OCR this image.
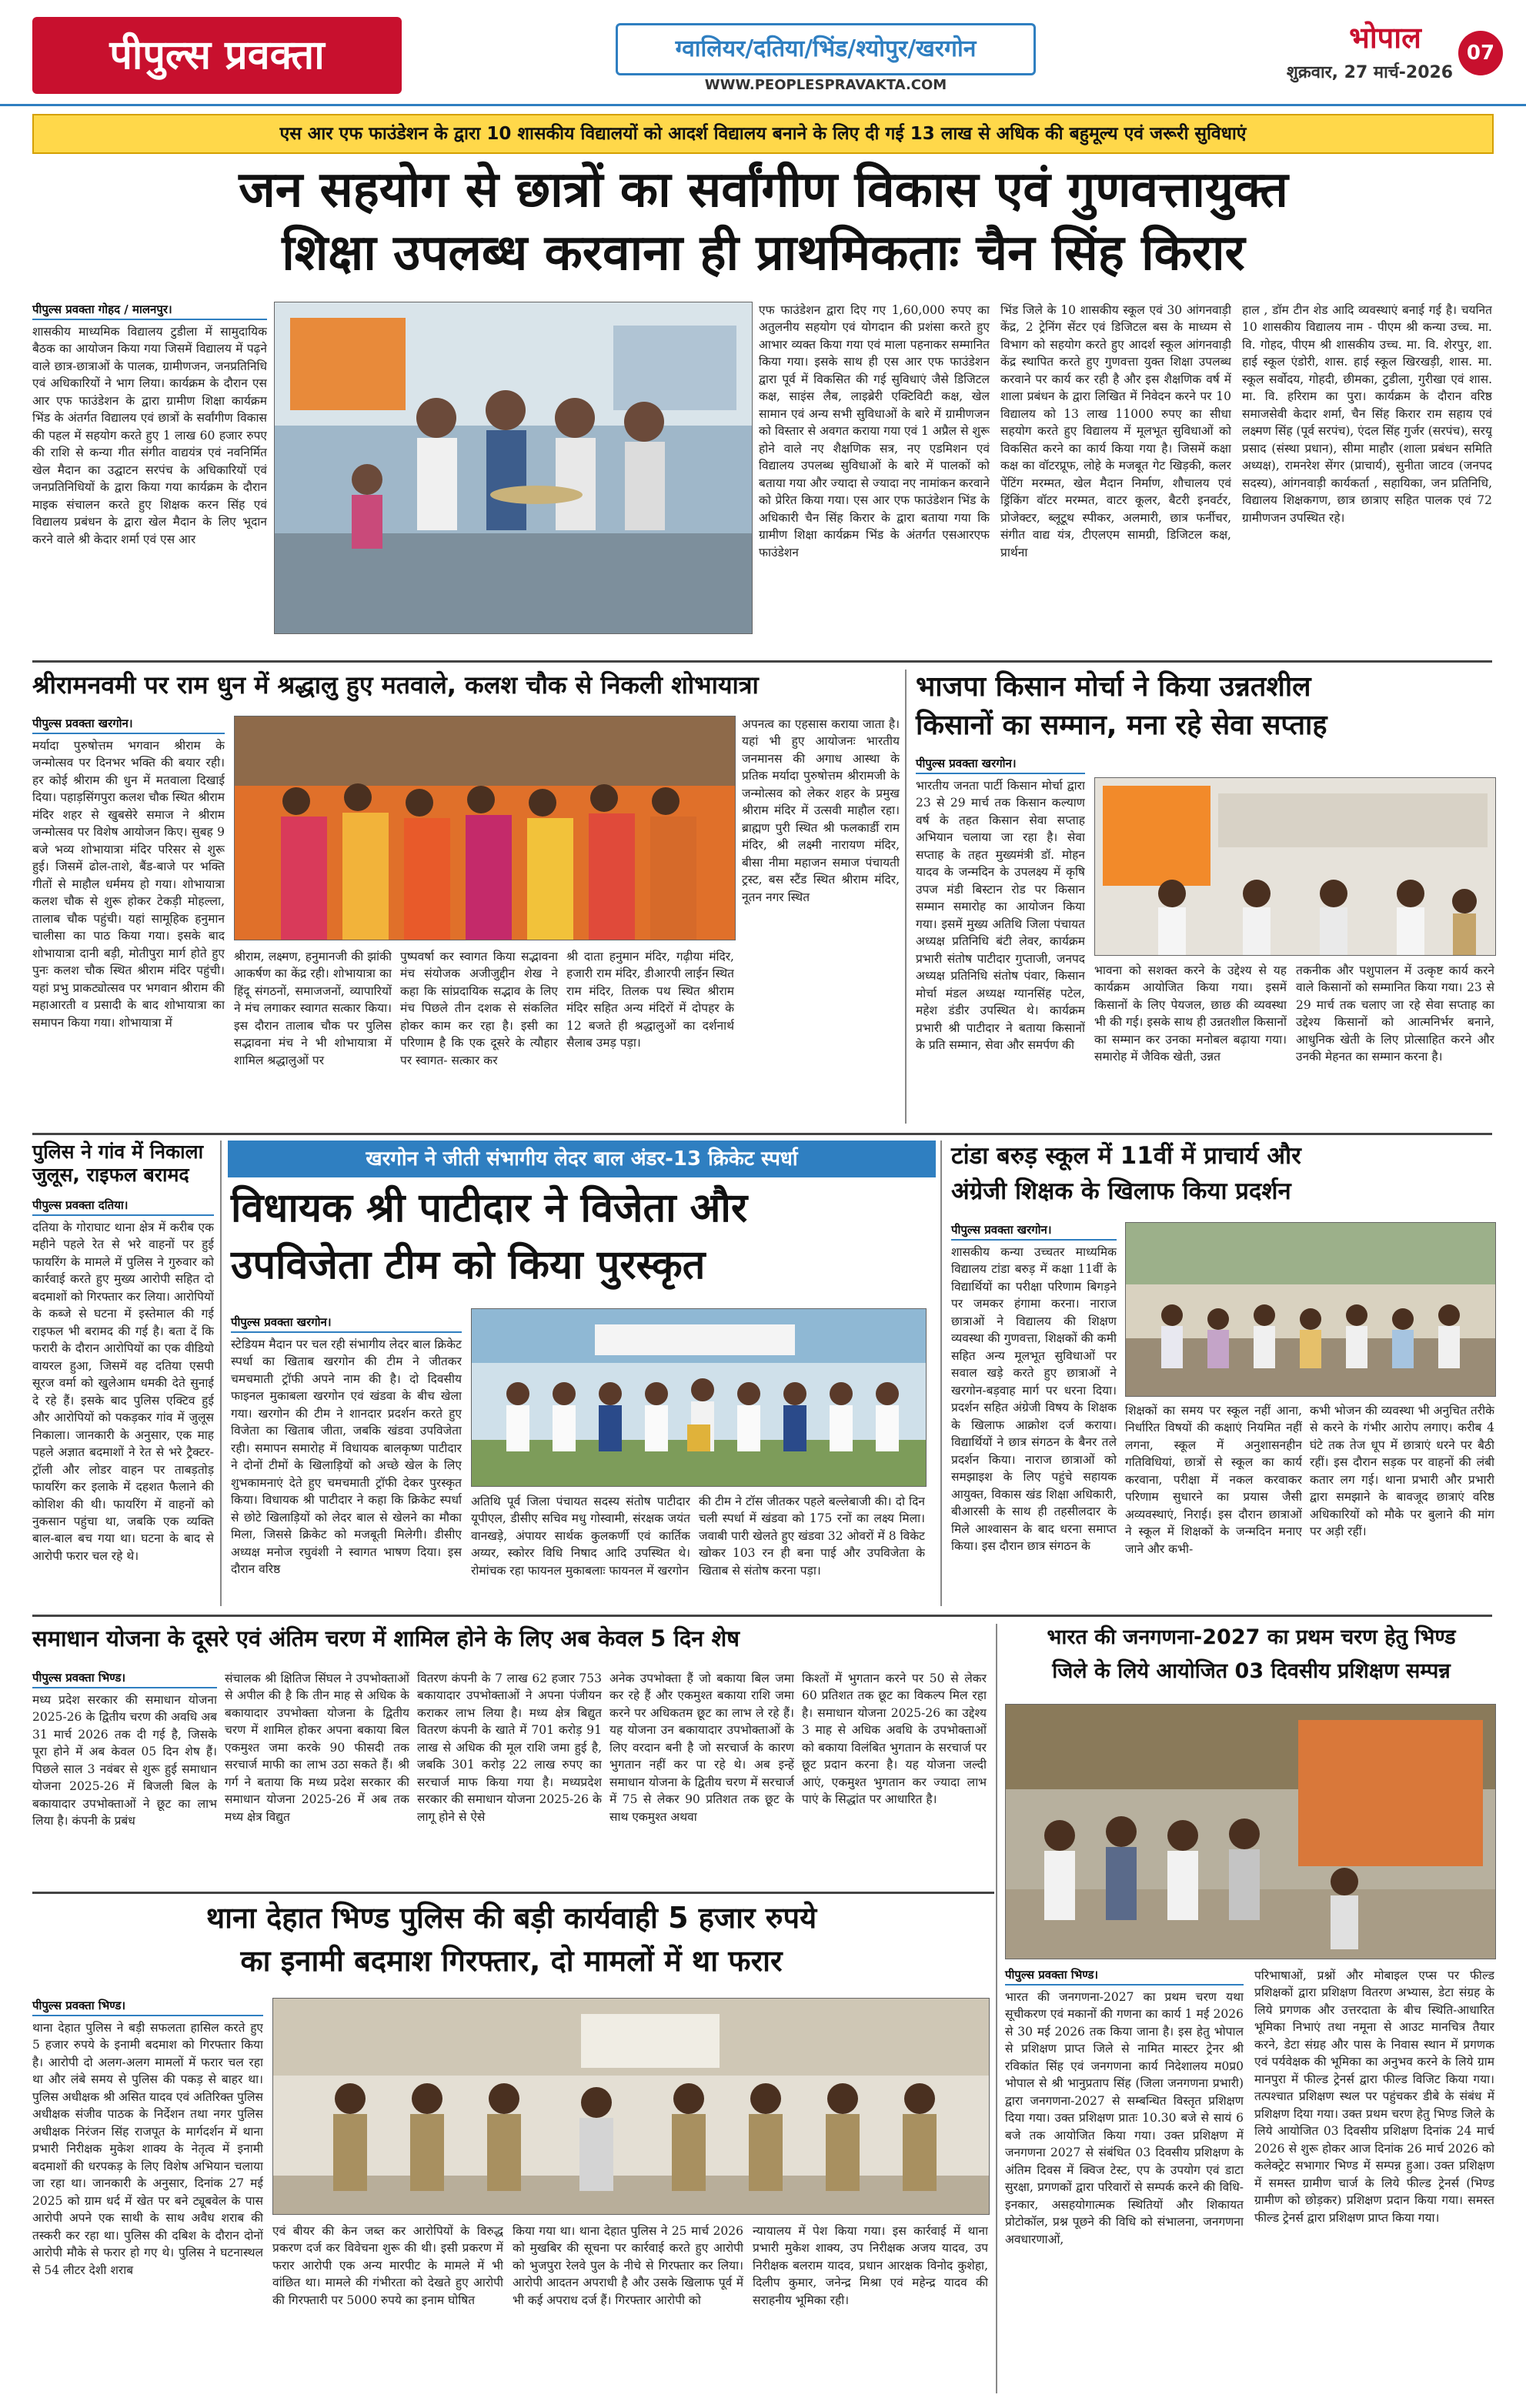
पीपुल्स प्रवक्ता	ग्वालियर/दतिया/भिंड/श्योपुर/खरगोन
WWW.PEOPLESPRAVAKTA.COM
भोपाल
शुक्रवार, 27 मार्च-2026
07
एस आर एफ फाउंडेशन के द्वारा 10 शासकीय विद्यालयों को आदर्श विद्यालय बनाने के लिए दी गई 13 लाख से अधिक की बहुमूल्य एवं जरूरी सुविधाएं
जन सहयोग से छात्रों का सर्वांगीण विकास एवं गुणवत्तायुक्त
शिक्षा उपलब्ध करवाना ही प्राथमिकताः चैन सिंह किरार
पीपुल्स प्रवक्ता गोहद / मालनपुर।
शासकीय माध्यमिक विद्यालय टुडीला में सामुदायिक बैठक का आयोजन किया गया जिसमें विद्यालय में पढ़ने वाले छात्र-छात्राओं के पालक, ग्रामीणजन, जनप्रतिनिधि एवं अधिकारियों ने भाग लिया। कार्यक्रम के दौरान एस आर एफ फाउंडेशन के द्वारा ग्रामीण शिक्षा कार्यक्रम भिंड के अंतर्गत विद्यालय एवं छात्रों के सर्वांगीण विकास की पहल में सहयोग करते हुए 1 लाख 60 हजार रुपए की राशि से कन्या गीत संगीत वाद्ययंत्र एवं नवनिर्मित खेल मैदान का उद्घाटन सरपंच के अधिकारियों एवं जनप्रतिनिधियों के द्वारा किया गया कार्यक्रम के दौरान माइक संचालन करते हुए शिक्षक करन सिंह एवं विद्यालय प्रबंधन के द्वारा खेल मैदान के लिए भूदान करने वाले श्री केदार शर्मा एवं एस आर
एफ फाउंडेशन द्वारा दिए गए 1,60,000 रुपए का अतुलनीय सहयोग एवं योगदान की प्रशंसा करते हुए आभार व्यक्त किया गया एवं माला पहनाकर सम्मानित किया गया। इसके साथ ही एस आर एफ फाउंडेशन द्वारा पूर्व में विकसित की गई सुविधाएं जैसे डिजिटल कक्ष, साइंस लैब, लाइब्रेरी एक्टिविटी कक्ष, खेल सामान एवं अन्य सभी सुविधाओं के बारे में ग्रामीणजन को विस्तार से अवगत कराया गया एवं 1 अप्रैल से शुरू होने वाले नए शैक्षणिक सत्र, नए एडमिशन एवं विद्यालय उपलब्ध सुविधाओं के बारे में पालकों को बताया गया और ज्यादा से ज्यादा नए नामांकन करवाने को प्रेरित किया गया। एस आर एफ फाउंडेशन भिंड के अधिकारी चैन सिंह किरार के द्वारा बताया गया कि ग्रामीण शिक्षा कार्यक्रम भिंड के अंतर्गत एसआरएफ फाउंडेशन
भिंड जिले के 10 शासकीय स्कूल एवं 30 आंगनवाड़ी केंद्र, 2 ट्रेनिंग सेंटर एवं डिजिटल बस के माध्यम से विभाग को सहयोग करते हुए आदर्श स्कूल आंगनवाड़ी केंद्र स्थापित करते हुए गुणवत्ता युक्त शिक्षा उपलब्ध करवाने पर कार्य कर रही है और इस शैक्षणिक वर्ष में शाला प्रबंधन के द्वारा लिखित में निवेदन करने पर 10 विद्यालय को 13 लाख 11000 रुपए का सीधा सहयोग करते हुए विद्यालय में मूलभूत सुविधाओं को विकसित करने का कार्य किया गया है। जिसमें कक्षा कक्ष का वॉटरप्रूफ, लोहे के मजबूत गेट खिड़की, कलर पेंटिंग मरम्मत, खेल मैदान निर्माण, शौचालय एवं ड्रिंकिंग वॉटर मरम्मत, वाटर कूलर, बैटरी इनवर्टर, प्रोजेक्टर, ब्लूटूथ स्पीकर, अलमारी, छात्र फर्नीचर, संगीत वाद्य यंत्र, टीएलएम सामग्री, डिजिटल कक्ष, प्रार्थना
हाल , डॉम टीन शेड आदि व्यवस्थाएं बनाई गई है। चयनित 10 शासकीय विद्यालय नाम - पीएम श्री कन्या उच्च. मा. वि. गोहद, पीएम श्री शासकीय उच्च. मा. वि. शेरपुर, शा. हाई स्कूल एंडोरी, शास. हाई स्कूल खिरखड़ी, शास. मा. स्कूल सर्वोदय, गोहदी, छीमका, टुडीला, गुरीखा एवं शास. मा. वि. हरिराम का पुरा। कार्यक्रम के दौरान वरिष्ठ समाजसेवी केदार शर्मा, चैन सिंह किरार राम सहाय एवं लक्ष्मण सिंह (पूर्व सरपंच), एंदल सिंह गुर्जर (सरपंच), सरयू प्रसाद (संस्था प्रधान), सीमा माहौर (शाला प्रबंधन समिति अध्यक्ष), रामनरेश सेंगर (प्राचार्य), सुनीता जाटव (जनपद सदस्य), आंगनवाड़ी कार्यकर्ता , सहायिका, जन प्रतिनिधि, विद्यालय शिक्षकगण, छात्र छात्राए सहित पालक एवं 72 ग्रामीणजन उपस्थित रहे।
श्रीरामनवमी पर राम धुन में श्रद्धालु हुए मतवाले, कलश चौक से निकली शोभायात्रा
पीपुल्स प्रवक्ता खरगोन।
मर्यादा पुरुषोत्तम भगवान श्रीराम के जन्मोत्सव पर दिनभर भक्ति की बयार रही। हर कोई श्रीराम की धुन में मतवाला दिखाई दिया। पहाड़सिंगपुरा कलश चौक स्थित श्रीराम मंदिर शहर से खुबसेरे समाज ने श्रीराम जन्मोत्सव पर विशेष आयोजन किए। सुबह 9 बजे भव्य शोभायात्रा मंदिर परिसर से शुरू हुई। जिसमें ढोल-ताशे, बैंड-बाजे पर भक्ति गीतों से माहौल धर्ममय हो गया। शोभायात्रा कलश चौक से शुरू होकर टेकड़ी मोहल्ला, तालाब चौक पहुंची। यहां सामूहिक हनुमान चालीसा का पाठ किया गया। इसके बाद शोभायात्रा दानी बड़ी, मोतीपुरा मार्ग होते हुए पुनः कलश चौक स्थित श्रीराम मंदिर पहुंची। यहां प्रभु प्राकट्योत्सव पर भगवान श्रीराम की महाआरती व प्रसादी के बाद शोभायात्रा का समापन किया गया। शोभायात्रा में
श्रीराम, लक्ष्मण, हनुमानजी की झांकी आकर्षण का केंद्र रही। शोभायात्रा का हिंदू संगठनों, समाजजनों, व्यापारियों ने मंच लगाकर स्वागत सत्कार किया। इस दौरान तालाब चौक पर पुलिस सद्भावना मंच ने भी शोभायात्रा में शामिल श्रद्धालुओं पर
पुष्पवर्षा कर स्वागत किया सद्भावना मंच संयोजक अजीजुद्दीन शेख ने कहा कि सांप्रदायिक सद्भाव के लिए मंच पिछले तीन दशक से संकलित होकर काम कर रहा है। इसी का परिणाम है कि एक दूसरे के त्यौहार पर स्वागत- सत्कार कर
श्री दाता हनुमान मंदिर, गढ़ीया मंदिर, हजारी राम मंदिर, डीआरपी लाईन स्थित राम मंदिर, तिलक पथ स्थित श्रीराम मंदिर सहित अन्य मंदिरों में दोपहर के 12 बजते ही श्रद्धालुओं का दर्शनार्थ सैलाब उमड़ पड़ा।
अपनत्व का एहसास कराया जाता है। यहां भी हुए आयोजनः भारतीय जनमानस की अगाध आस्था के प्रतिक मर्यादा पुरुषोत्तम श्रीरामजी के जन्मोत्सव को लेकर शहर के प्रमुख श्रीराम मंदिर में उत्सवी माहौल रहा। ब्राह्मण पुरी स्थित श्री फलकार्डी राम मंदिर, श्री लक्ष्मी नारायण मंदिर, बीसा नीमा महाजन समाज पंचायती ट्रस्ट, बस स्टैंड स्थित श्रीराम मंदिर, नूतन नगर स्थित
भाजपा किसान मोर्चा ने किया उन्नतशील
किसानों का सम्मान, मना रहे सेवा सप्ताह
पीपुल्स प्रवक्ता खरगोन।
भारतीय जनता पार्टी किसान मोर्चा द्वारा 23 से 29 मार्च तक किसान कल्याण वर्ष के तहत किसान सेवा सप्ताह अभियान चलाया जा रहा है। सेवा सप्ताह के तहत मुख्यमंत्री डॉ. मोहन यादव के जन्मदिन के उपलक्ष्य में कृषि उपज मंडी बिस्टान रोड पर किसान सम्मान समारोह का आयोजन किया गया। इसमें मुख्य अतिथि जिला पंचायत अध्यक्ष प्रतिनिधि बंटी लेवर, कार्यक्रम प्रभारी संतोष पाटीदार गुप्ताजी, जनपद अध्यक्ष प्रतिनिधि संतोष पंवार, किसान मोर्चा मंडल अध्यक्ष ग्यानसिंह पटेल, महेश डंडीर उपस्थित थे। कार्यक्रम प्रभारी श्री पाटीदार ने बताया किसानों के प्रति सम्मान, सेवा और समर्पण की
भावना को सशक्त करने के उद्देश्य से यह कार्यक्रम आयोजित किया गया। इसमें किसानों के लिए पेयजल, छाछ की व्यवस्था भी की गई। इसके साथ ही उन्नतशील किसानों का सम्मान कर उनका मनोबल बढ़ाया गया। समारोह में जैविक खेती, उन्नत
तकनीक और पशुपालन में उत्कृष्ट कार्य करने वाले किसानों को सम्मानित किया गया। 23 से 29 मार्च तक चलाए जा रहे सेवा सप्ताह का उद्देश्य किसानों को आत्मनिर्भर बनाने, आधुनिक खेती के लिए प्रोत्साहित करने और उनकी मेहनत का सम्मान करना है।
पुलिस ने गांव में निकाला जुलूस, राइफल बरामद
पीपुल्स प्रवक्ता दतिया।
दतिया के गोराघाट थाना क्षेत्र में करीब एक महीने पहले रेत से भरे वाहनों पर हुई फायरिंग के मामले में पुलिस ने गुरुवार को कार्रवाई करते हुए मुख्य आरोपी सहित दो बदमाशों को गिरफ्तार कर लिया। आरोपियों के कब्जे से घटना में इस्तेमाल की गई राइफल भी बरामद की गई है। बता दें कि फरारी के दौरान आरोपियों का एक वीडियो वायरल हुआ, जिसमें वह दतिया एसपी सूरज वर्मा को खुलेआम धमकी देते सुनाई दे रहे हैं। इसके बाद पुलिस एक्टिव हुई और आरोपियों को पकड़कर गांव में जुलूस निकाला। जानकारी के अनुसार, एक माह पहले अज्ञात बदमाशों ने रेत से भरे ट्रैक्टर-ट्रॉली और लोडर वाहन पर ताबड़तोड़ फायरिंग कर इलाके में दहशत फैलाने की कोशिश की थी। फायरिंग में वाहनों को नुकसान पहुंचा था, जबकि एक व्यक्ति बाल-बाल बच गया था। घटना के बाद से आरोपी फरार चल रहे थे।
खरगोन ने जीती संभागीय लेदर बाल अंडर-13 क्रिकेट स्पर्धा
विधायक श्री पाटीदार ने विजेता और
उपविजेता टीम को किया पुरस्कृत
पीपुल्स प्रवक्ता खरगोन।
स्टेडियम मैदान पर चल रही संभागीय लेदर बाल क्रिकेट स्पर्धा का खिताब खरगोन की टीम ने जीतकर चमचमाती ट्रॉफी अपने नाम की है। दो दिवसीय फाइनल मुकाबला खरगोन एवं खंडवा के बीच खेला गया। खरगोन की टीम ने शानदार प्रदर्शन करते हुए विजेता का खिताब जीता, जबकि खंडवा उपविजेता रही। समापन समारोह में विधायक बालकृष्ण पाटीदार ने दोनों टीमों के खिलाड़ियों को अच्छे खेल के लिए शुभकामनाएं देते हुए चमचमाती ट्रॉफी देकर पुरस्कृत किया। विधायक श्री पाटीदार ने कहा कि क्रिकेट स्पर्धा से छोटे खिलाड़ियों को लेदर बाल से खेलने का मौका मिला, जिससे क्रिकेट को मजबूती मिलेगी। डीसीए अध्यक्ष मनोज रघुवंशी ने स्वागत भाषण दिया। इस दौरान वरिष्ठ
अतिथि पूर्व जिला पंचायत सदस्य संतोष पाटीदार यूपीएल, डीसीए सचिव मधु गोस्वामी, संरक्षक जयंत वानखड़े, अंपायर सार्थक कुलकर्णी एवं कार्तिक अय्यर, स्कोरर विधि निषाद आदि उपस्थित थे। रोमांचक रहा फायनल मुकाबलाः फायनल में खरगोन
की टीम ने टॉस जीतकर पहले बल्लेबाजी की। दो दिन चली स्पर्धा में खंडवा को 175 रनों का लक्ष्य मिला। जवाबी पारी खेलते हुए खंडवा 32 ओवरों में 8 विकेट खोकर 103 रन ही बना पाई और उपविजेता के खिताब से संतोष करना पड़ा।
टांडा बरुड़ स्कूल में 11वीं में प्राचार्य और
अंग्रेजी शिक्षक के खिलाफ किया प्रदर्शन
पीपुल्स प्रवक्ता खरगोन।
शासकीय कन्या उच्चतर माध्यमिक विद्यालय टांडा बरुड़ में कक्षा 11वीं के विद्यार्थियों का परीक्षा परिणाम बिगड़ने पर जमकर हंगामा करना। नाराज छात्राओं ने विद्यालय की शिक्षण व्यवस्था की गुणवत्ता, शिक्षकों की कमी सहित अन्य मूलभूत सुविधाओं पर सवाल खड़े करते हुए छात्राओं ने खरगोन-बड़वाह मार्ग पर धरना दिया। प्रदर्शन सहित अंग्रेजी विषय के शिक्षक के खिलाफ आक्रोश दर्ज कराया। विद्यार्थियों ने छात्र संगठन के बैनर तले प्रदर्शन किया। नाराज छात्राओं को समझाइश के लिए पहुंचे सहायक आयुक्त, विकास खंड शिक्षा अधिकारी, बीआरसी के साथ ही तहसीलदार के मिले आश्वासन के बाद धरना समाप्त किया। इस दौरान छात्र संगठन के
शिक्षकों का समय पर स्कूल नहीं आना, निर्धारित विषयों की कक्षाएं नियमित नहीं लगना, स्कूल में अनुशासनहीन गतिविधियां, छात्रों से स्कूल का कार्य करवाना, परीक्षा में नकल करवाकर परिणाम सुधारने का प्रयास जैसी अव्यवस्थाएं, निराई। इस दौरान छात्राओं ने स्कूल में शिक्षकों के जन्मदिन मनाए जाने और कभी-
कभी भोजन की व्यवस्था भी अनुचित तरीके से करने के गंभीर आरोप लगाए। करीब 4 घंटे तक तेज धूप में छात्राएं धरने पर बैठी रहीं। इस दौरान सड़क पर वाहनों की लंबी कतार लग गई। थाना प्रभारी और प्रभारी द्वारा समझाने के बावजूद छात्राएं वरिष्ठ अधिकारियों को मौके पर बुलाने की मांग पर अड़ी रहीं।
समाधान योजना के दूसरे एवं अंतिम चरण में शामिल होने के लिए अब केवल 5 दिन शेष
पीपुल्स प्रवक्ता भिण्ड।
मध्य प्रदेश सरकार की समाधान योजना 2025-26 के द्वितीय चरण की अवधि अब 31 मार्च 2026 तक दी गई है, जिसके पूरा होने में अब केवल 05 दिन शेष हैं। पिछले साल 3 नवंबर से शुरू हुई समाधान योजना 2025-26 में बिजली बिल के बकायादार उपभोक्ताओं ने छूट का लाभ लिया है। कंपनी के प्रबंध
संचालक श्री क्षितिज सिंघल ने उपभोक्ताओं से अपील की है कि तीन माह से अधिक के बकायादार उपभोक्ता योजना के द्वितीय चरण में शामिल होकर अपना बकाया बिल एकमुश्त जमा करके 90 फीसदी तक सरचार्ज माफी का लाभ उठा सकते हैं। श्री गर्ग ने बताया कि मध्य प्रदेश सरकार की समाधान योजना 2025-26 में अब तक मध्य क्षेत्र विद्युत
वितरण कंपनी के 7 लाख 62 हजार 753 बकायादार उपभोक्ताओं ने अपना पंजीयन कराकर लाभ लिया है। मध्य क्षेत्र बिद्युत वितरण कंपनी के खाते में 701 करोड़ 91 लाख से अधिक की मूल राशि जमा हुई है, जबकि 301 करोड़ 22 लाख रुपए का सरचार्ज माफ किया गया है। मध्यप्रदेश सरकार की समाधान योजना 2025-26 के लागू होने से ऐसे
अनेक उपभोक्ता हैं जो बकाया बिल जमा कर रहे हैं और एकमुश्त बकाया राशि जमा करने पर अधिकतम छूट का लाभ ले रहे हैं। यह योजना उन बकायादार उपभोक्ताओं के लिए वरदान बनी है जो सरचार्ज के कारण भुगतान नहीं कर पा रहे थे। अब इन्हें समाधान योजना के द्वितीय चरण में सरचार्ज में 75 से लेकर 90 प्रतिशत तक छूट के साथ एकमुश्त अथवा
किश्तों में भुगतान करने पर 50 से लेकर 60 प्रतिशत तक छूट का विकल्प मिल रहा है। समाधान योजना 2025-26 का उद्देश्य 3 माह से अधिक अवधि के उपभोक्ताओं को बकाया विलंबित भुगतान के सरचार्ज पर छूट प्रदान करना है। यह योजना जल्दी आएं, एकमुश्त भुगतान कर ज्यादा लाभ पाएं के सिद्धांत पर आधारित है।
भारत की जनगणना-2027 का प्रथम चरण हेतु भिण्ड
जिले के लिये आयोजित 03 दिवसीय प्रशिक्षण सम्पन्न
पीपुल्स प्रवक्ता भिण्ड।
भारत की जनगणना-2027 का प्रथम चरण यथा सूचीकरण एवं मकानों की गणना का कार्य 1 मई 2026 से 30 मई 2026 तक किया जाना है। इस हेतु भोपाल से प्रशिक्षण प्राप्त जिले से नामित मास्टर ट्रेनर श्री रविकांत सिंह एवं जनगणना कार्य निदेशालय म0प्र0 भोपाल से श्री भानुप्रताप सिंह (जिला जनगणना प्रभारी) द्वारा जनगणना-2027 से सम्बन्धित विस्तृत प्रशिक्षण दिया गया। उक्त प्रशिक्षण प्रातः 10.30 बजे से सायं 6 बजे तक आयोजित किया गया। उक्त प्रशिक्षण में जनगणना 2027 से संबंधित 03 दिवसीय प्रशिक्षण के अंतिम दिवस में क्विज टेस्ट, एप के उपयोग एवं डाटा सुरक्षा, प्रगणकों द्वारा परिवारों से सम्पर्क करने की विधि-इनकार, असहयोगात्मक स्थितियों और शिकायत प्रोटोकॉल, प्रश्न पूछने की विधि को संभालना, जनगणना अवधारणाओं,
परिभाषाओं, प्रश्नों और मोबाइल एप्स पर फील्ड प्रशिक्षकों द्वारा प्रशिक्षण वितरण अभ्यास, डेटा संग्रह के लिये प्रगणक और उत्तरदाता के बीच स्थिति-आधारित भूमिका निभाएं तथा नमूना से आउट मानचित्र तैयार करने, डेटा संग्रह और पास के निवास स्थान में प्रगणक एवं पर्यवेक्षक की भूमिका का अनुभव करने के लिये ग्राम मानपुरा में फील्ड ट्रेनर्स द्वारा फील्ड विजिट किया गया। तत्पश्चात प्रशिक्षण स्थल पर पहुंचकर डीबे के संबंध में प्रशिक्षण दिया गया। उक्त प्रथम चरण हेतु भिण्ड जिले के लिये आयोजित 03 दिवसीय प्रशिक्षण दिनांक 24 मार्च 2026 से शुरू होकर आज दिनांक 26 मार्च 2026 को कलेक्ट्रेट सभागार भिण्ड में सम्पन्न हुआ। उक्त प्रशिक्षण में समस्त ग्रामीण चार्ज के लिये फील्ड ट्रेनर्स (भिण्ड ग्रामीण को छोड़कर) प्रशिक्षण प्रदान किया गया। समस्त फील्ड ट्रेनर्स द्वारा प्रशिक्षण प्राप्त किया गया।
थाना देहात भिण्ड पुलिस की बड़ी कार्यवाही 5 हजार रुपये
का इनामी बदमाश गिरफ्तार, दो मामलों में था फरार
पीपुल्स प्रवक्ता भिण्ड।
थाना देहात पुलिस ने बड़ी सफलता हासिल करते हुए 5 हजार रुपये के इनामी बदमाश को गिरफ्तार किया है। आरोपी दो अलग-अलग मामलों में फरार चल रहा था और लंबे समय से पुलिस की पकड़ से बाहर था। पुलिस अधीक्षक श्री असित यादव एवं अतिरिक्त पुलिस अधीक्षक संजीव पाठक के निर्देशन तथा नगर पुलिस अधीक्षक निरंजन सिंह राजपूत के मार्गदर्शन में थाना प्रभारी निरीक्षक मुकेश शाक्य के नेतृत्व में इनामी बदमाशों की धरपकड़ के लिए विशेष अभियान चलाया जा रहा था। जानकारी के अनुसार, दिनांक 27 मई 2025 को ग्राम धर्द में खेत पर बने ट्यूबवेल के पास आरोपी अपने एक साथी के साथ अवैध शराब की तस्करी कर रहा था। पुलिस की दबिश के दौरान दोनों आरोपी मौके से फरार हो गए थे। पुलिस ने घटनास्थल से 54 लीटर देशी शराब
एवं बीयर की केन जब्त कर आरोपियों के विरुद्ध प्रकरण दर्ज कर विवेचना शुरू की थी। इसी प्रकरण में फरार आरोपी एक अन्य मारपीट के मामले में भी वांछित था। मामले की गंभीरता को देखते हुए आरोपी की गिरफ्तारी पर 5000 रुपये का इनाम घोषित
किया गया था। थाना देहात पुलिस ने 25 मार्च 2026 को मुखबिर की सूचना पर कार्रवाई करते हुए आरोपी को भुजपुरा रेलवे पुल के नीचे से गिरफ्तार कर लिया। आरोपी आदतन अपराधी है और उसके खिलाफ पूर्व में भी कई अपराध दर्ज हैं। गिरफ्तार आरोपी को
न्यायालय में पेश किया गया। इस कार्रवाई में थाना प्रभारी मुकेश शाक्य, उप निरीक्षक अजय यादव, उप निरीक्षक बलराम यादव, प्रधान आरक्षक विनोद कुशेहा, दिलीप कुमार, जनेन्द्र मिश्रा एवं महेन्द्र यादव की सराहनीय भूमिका रही।
